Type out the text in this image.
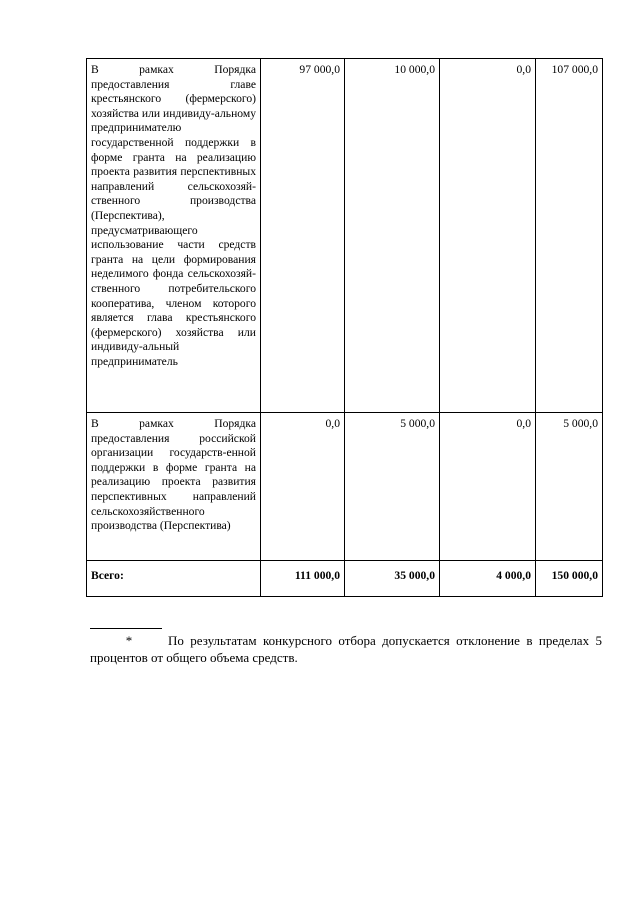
В рамках Порядка предоставления главе крестьянского (фермерского) хозяйства или индивиду-альному предпринимателю государственной поддержки в форме гранта на реализацию проекта развития перспективных направлений сельскохозяй-ственного производства (Перспектива), предусматривающего использование части средств гранта на цели формирования неделимого фонда сельскохозяй-ственного потребительского кооператива, членом которого является глава крестьянского (фермерского) хозяйства или индивиду-альный предприниматель	97 000,0	10 000,0	0,0	107 000,0
В рамках Порядка предоставления российской организации государств-енной поддержки в форме гранта на реализацию проекта развития перспективных направлений сельскохозяйственного производства (Перспектива)	0,0	5 000,0	0,0	5 000,0
Всего:	111 000,0	35 000,0	4 000,0	150 000,0
*	По результатам конкурсного отбора допускается отклонение в пределах 5 процентов от общего объема средств.
